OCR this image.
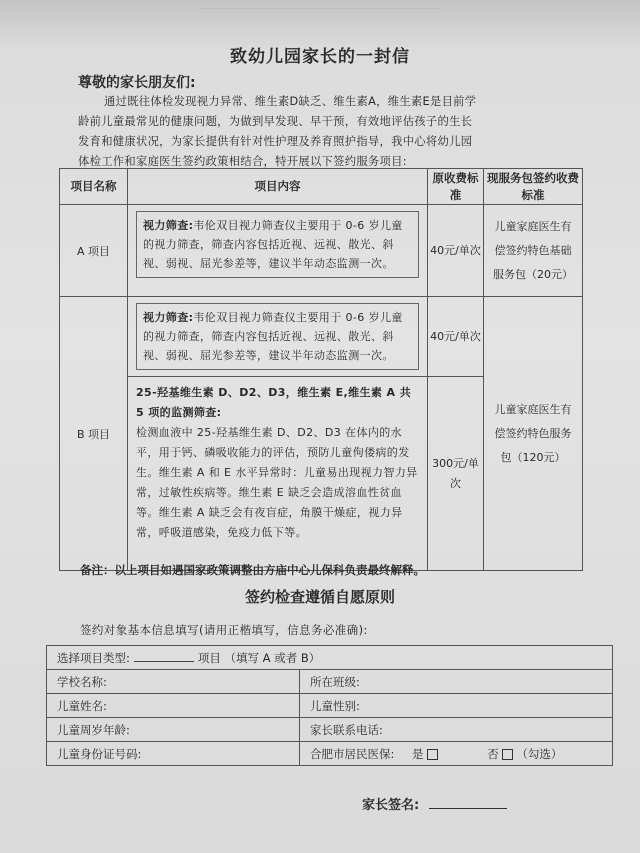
致幼儿园家长的一封信
尊敬的家长朋友们:
通过既往体检发现视力异常、维生素D缺乏、维生素A，维生素E是目前学
龄前儿童最常见的健康问题，为做到早发现、早干预，有效地评估孩子的生长
发育和健康状况，为家长提供有针对性护理及养育照护指导，我中心将幼儿园
体检工作和家庭医生签约政策相结合，特开展以下签约服务项目:
项目名称	项目内容	原收费标准	现服务包签约收费标准
A 项目	视力筛查:韦伦双目视力筛查仪主要用于 0-6 岁儿童的视力筛查，筛查内容包括近视、远视、散光、斜视、弱视、屈光参差等，建议半年动态监测一次。	40元/单次	儿童家庭医生有偿签约特色基础服务包（20元）
B 项目	视力筛查:韦伦双目视力筛查仪主要用于 0-6 岁儿童的视力筛查，筛查内容包括近视、远视、散光、斜视、弱视、屈光参差等，建议半年动态监测一次。	40元/单次	儿童家庭医生有偿签约特色服务包（120元）

	25-羟基维生素 D、D2、D3，维生素 E,维生素 A 共 5 项的监测筛查:
检测血液中 25-羟基维生素 D、D2、D3 在体内的水平，用于钙、磷吸收能力的评估，预防儿童佝偻病的发生。维生素 A 和 E 水平异常时：儿童易出现视力智力异常，过敏性疾病等。维生素 E 缺乏会造成溶血性贫血等。维生素 A 缺乏会有夜盲症，角膜干燥症，视力异常，呼吸道感染，免疫力低下等。	300元/单次	
备注：以上项目如遇国家政策调整由方庙中心儿保科负责最终解释。
签约检查遵循自愿原则
签约对象基本信息填写(请用正楷填写，信息务必准确):
选择项目类型: 项目 （填写 A 或者 B）	
学校名称:	所在班级:
儿童姓名:	儿童性别:
儿童周岁年龄:	家长联系电话:
儿童身份证号码:	合肥市居民医保: 是 否 （勾选）
家长签名:
